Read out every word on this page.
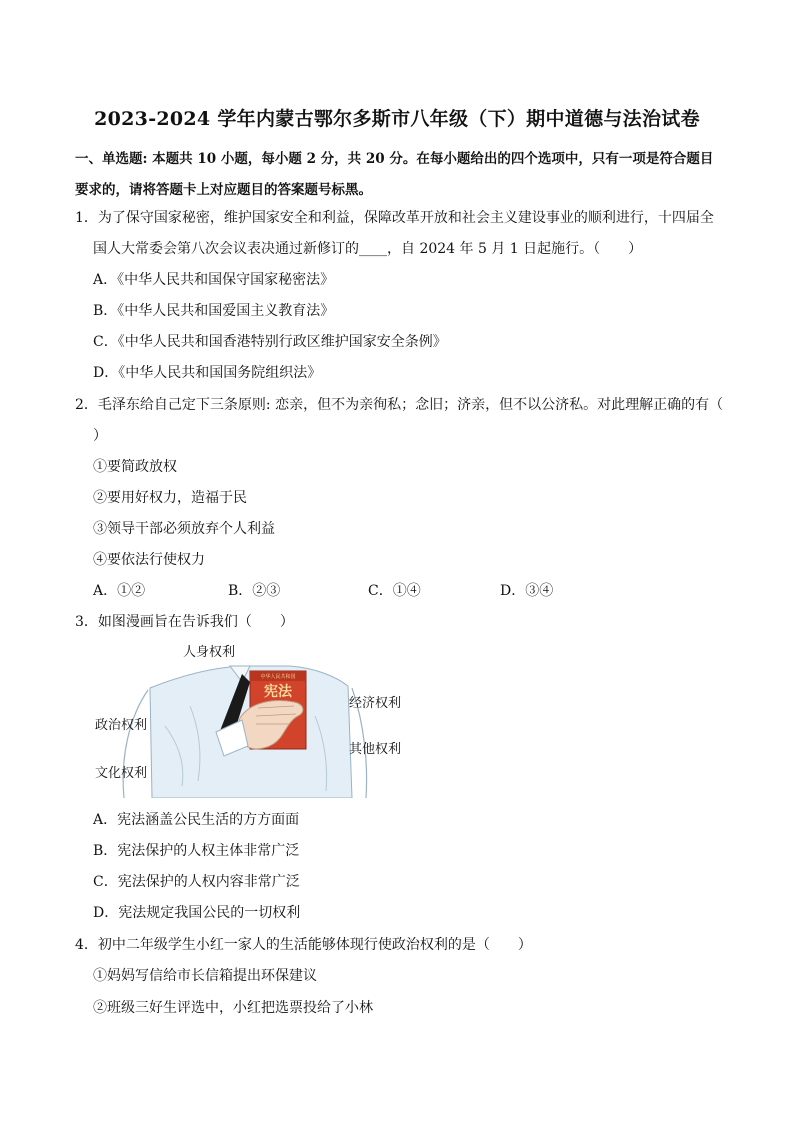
2023-2024 学年内蒙古鄂尔多斯市八年级（下）期中道德与法治试卷
一、单选题: 本题共 10 小题，每小题 2 分，共 20 分。在每小题给出的四个选项中，只有一项是符合题目要求的，请将答题卡上对应题目的答案题号标黑。
1．为了保守国家秘密，维护国家安全和利益，保障改革开放和社会主义建设事业的顺利进行，十四届全
国人大常委会第八次会议表决通过新修订的____，自 2024 年 5 月 1 日起施行。（　　）
A．《中华人民共和国保守国家秘密法》
B．《中华人民共和国爱国主义教育法》
C．《中华人民共和国香港特别行政区维护国家安全条例》
D．《中华人民共和国国务院组织法》
2．毛泽东给自己定下三条原则: 恋亲，但不为亲徇私；念旧；济亲，但不以公济私。对此理解正确的有（
）
①要简政放权
②要用好权力，造福于民
③领导干部必须放弃个人利益
④要依法行使权力
A．①②	B．②③	C．①④	D．③④
3．如图漫画旨在告诉我们（　　）
中华人民共和国
宪法
人身权利
经济权利
政治权利
其他权利
文化权利
A．宪法涵盖公民生活的方方面面
B．宪法保护的人权主体非常广泛
C．宪法保护的人权内容非常广泛
D．宪法规定我国公民的一切权利
4．初中二年级学生小红一家人的生活能够体现行使政治权利的是（　　）
①妈妈写信给市长信箱提出环保建议
②班级三好生评选中，小红把选票投给了小林
